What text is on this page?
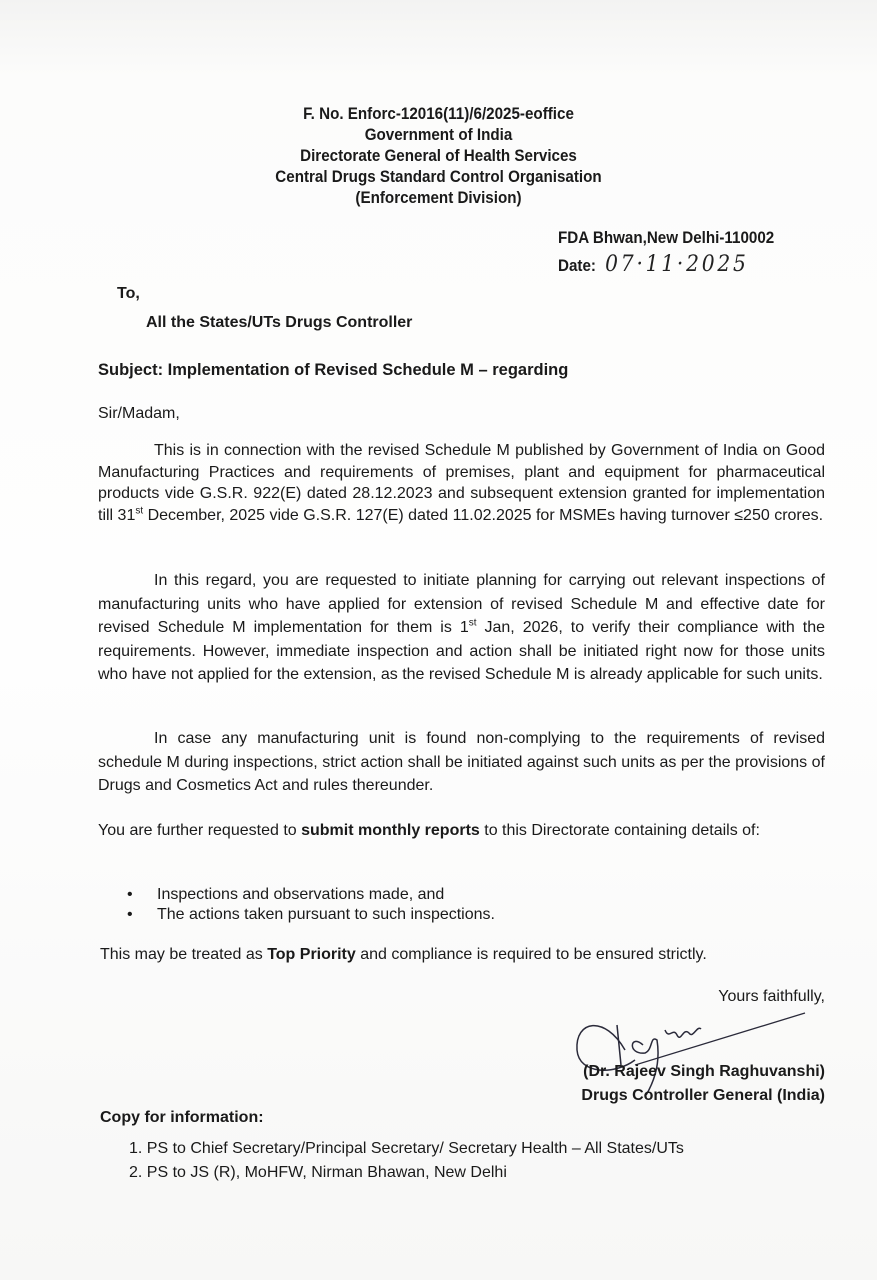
F. No. Enforc-12016(11)/6/2025-eoffice
Government of India
Directorate General of Health Services
Central Drugs Standard Control Organisation
(Enforcement Division)
FDA Bhwan,New Delhi-110002
Date: 07·11·2025
To,
All the States/UTs Drugs Controller
Subject: Implementation of Revised Schedule M – regarding
Sir/Madam,
This is in connection with the revised Schedule M published by Government of India on Good Manufacturing Practices and requirements of premises, plant and equipment for pharmaceutical products vide G.S.R. 922(E) dated 28.12.2023 and subsequent extension granted for implementation till 31st December, 2025 vide G.S.R. 127(E) dated 11.02.2025 for MSMEs having turnover ≤250 crores.
In this regard, you are requested to initiate planning for carrying out relevant inspections of manufacturing units who have applied for extension of revised Schedule M and effective date for revised Schedule M implementation for them is 1st Jan, 2026, to verify their compliance with the requirements. However, immediate inspection and action shall be initiated right now for those units who have not applied for the extension, as the revised Schedule M is already applicable for such units.
In case any manufacturing unit is found non-complying to the requirements of revised schedule M during inspections, strict action shall be initiated against such units as per the provisions of Drugs and Cosmetics Act and rules thereunder.
You are further requested to submit monthly reports to this Directorate containing details of:
• Inspections and observations made, and
• The actions taken pursuant to such inspections.
This may be treated as Top Priority and compliance is required to be ensured strictly.
Yours faithfully,
(Dr. Rajeev Singh Raghuvanshi)
Drugs Controller General (India)
Copy for information:
1. PS to Chief Secretary/Principal Secretary/ Secretary Health – All States/UTs
2. PS to JS (R), MoHFW, Nirman Bhawan, New Delhi
